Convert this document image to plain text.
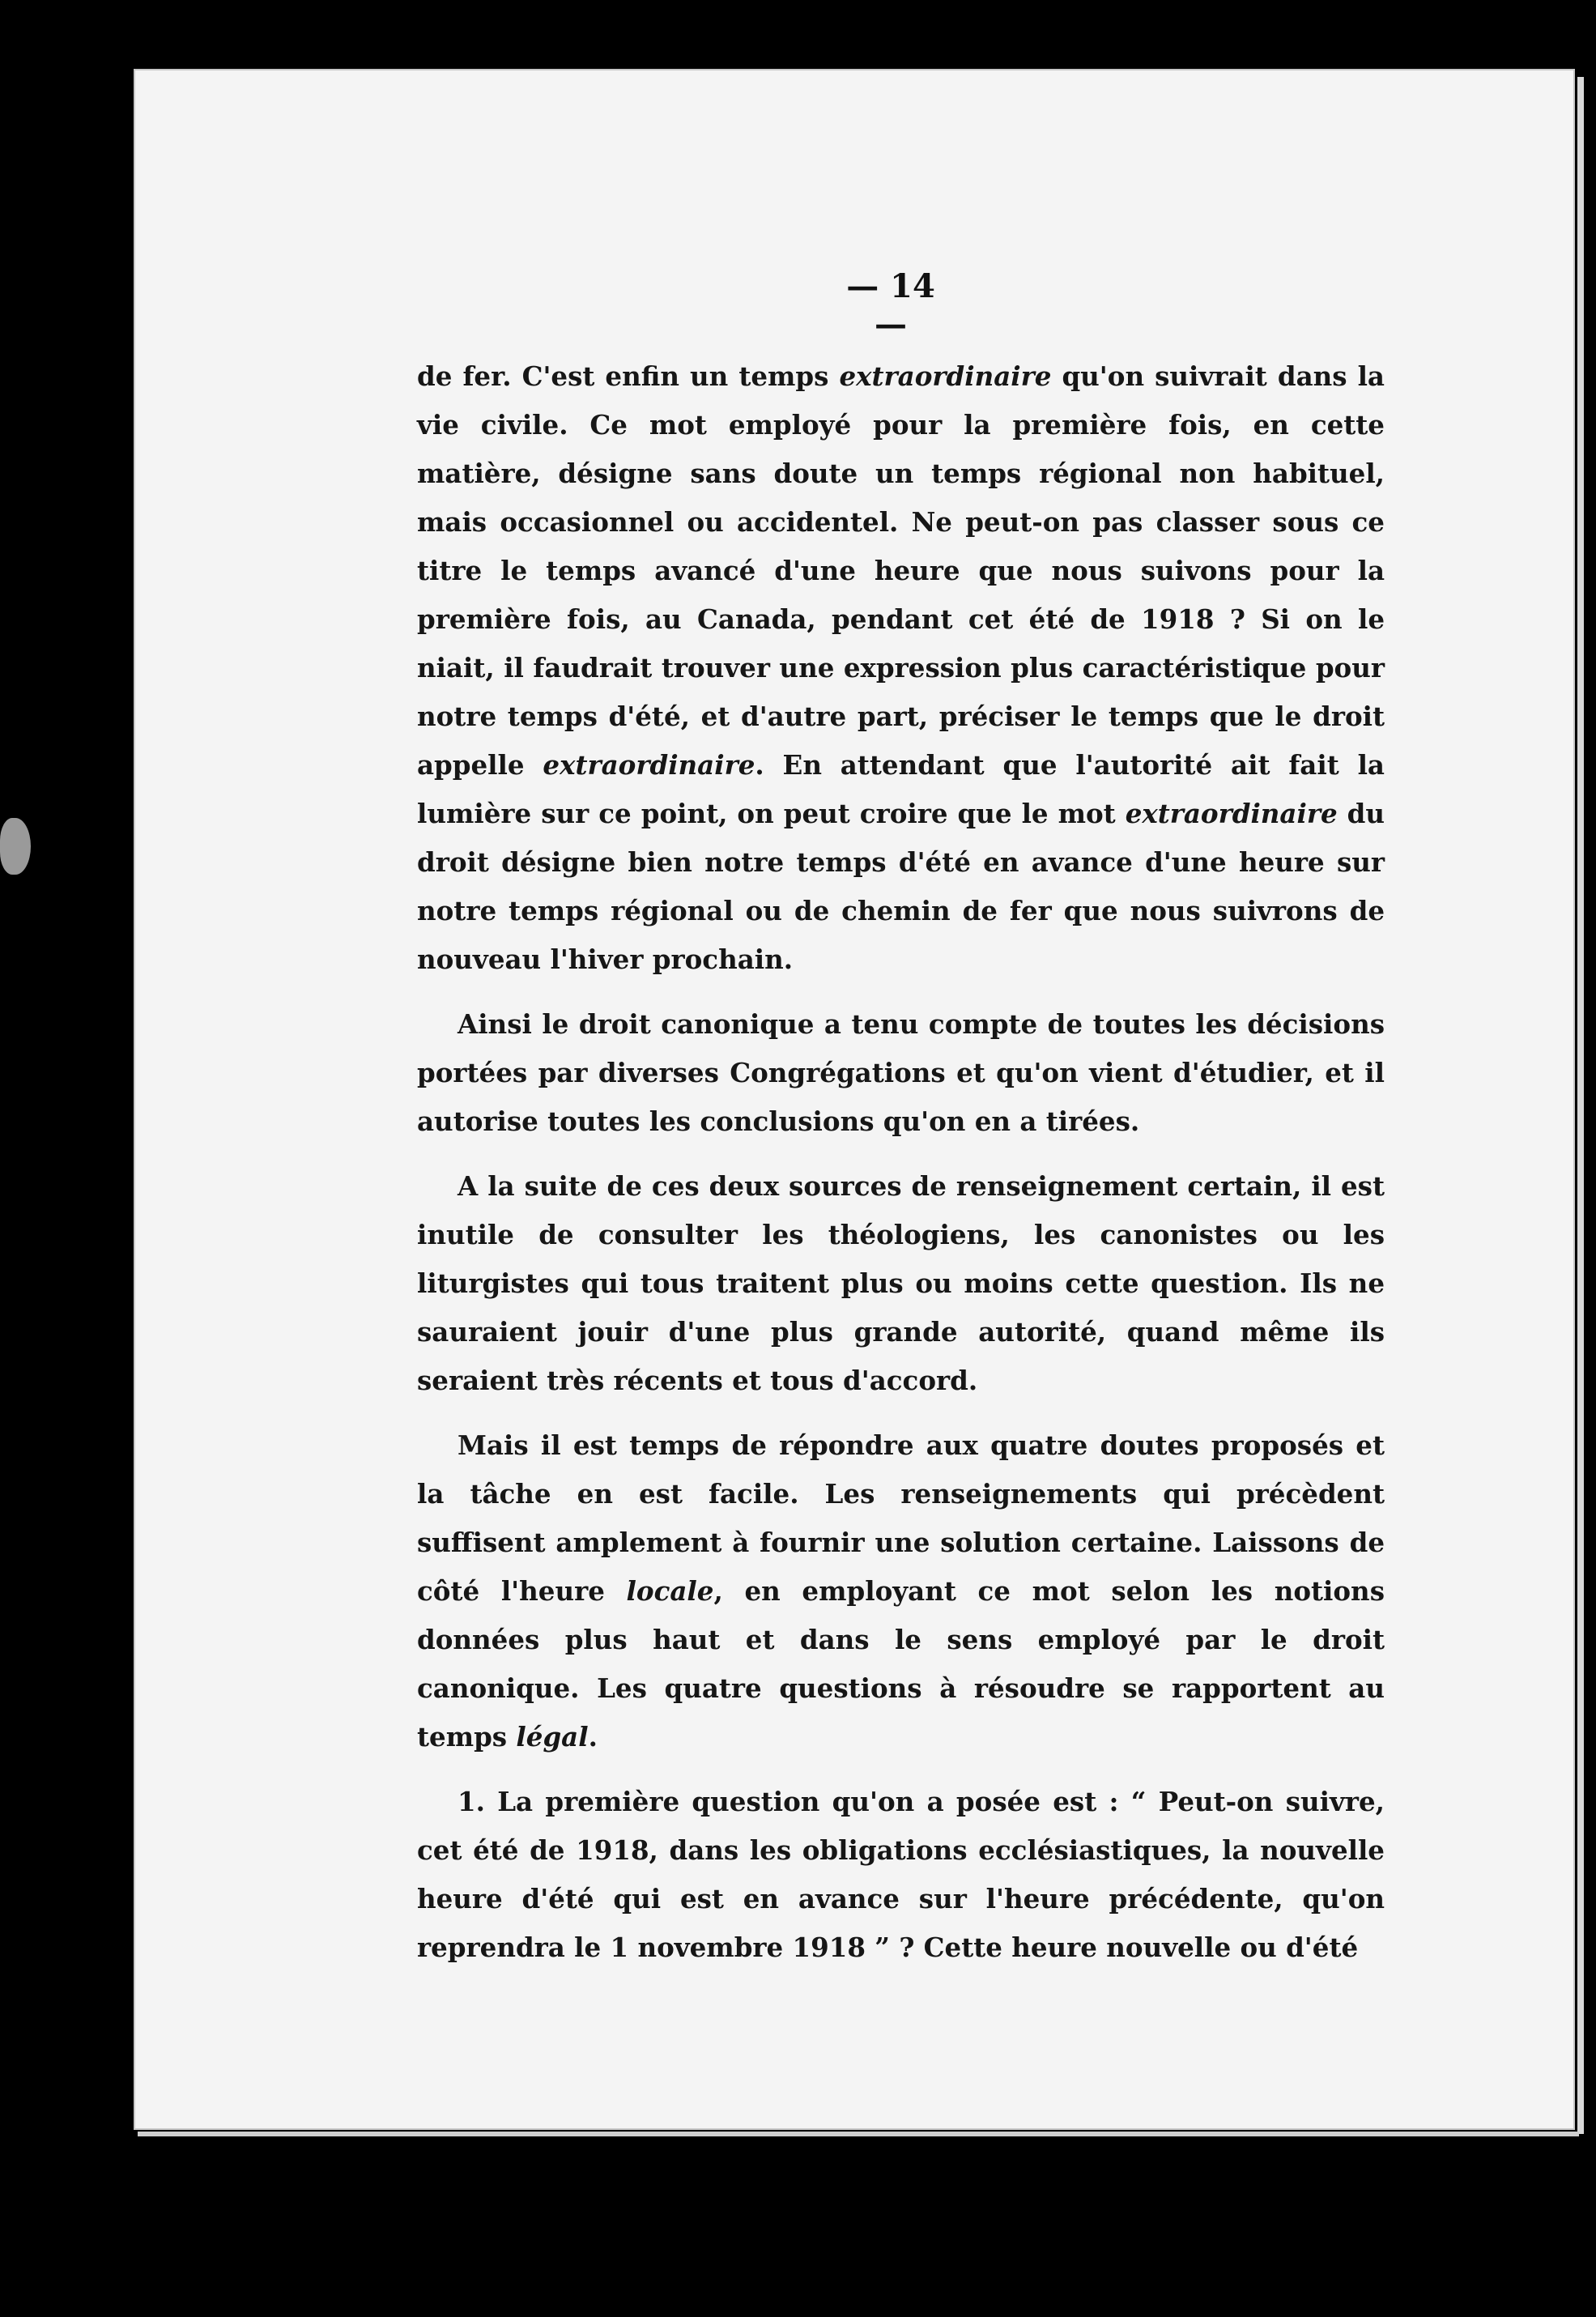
— 14 —

de fer. C'est enfin un temps extraordinaire qu'on suivrait dans la vie civile. Ce mot employé pour la première fois, en cette matière, désigne sans doute un temps régional non habituel, mais occasionnel ou accidentel. Ne peut-on pas classer sous ce titre le temps avancé d'une heure que nous suivons pour la première fois, au Canada, pendant cet été de 1918 ? Si on le niait, il faudrait trouver une expression plus caractéristique pour notre temps d'été, et d'autre part, préciser le temps que le droit appelle extraordinaire. En attendant que l'autorité ait fait la lumière sur ce point, on peut croire que le mot extraordinaire du droit désigne bien notre temps d'été en avance d'une heure sur notre temps régional ou de chemin de fer que nous suivrons de nouveau l'hiver prochain.

Ainsi le droit canonique a tenu compte de toutes les décisions portées par diverses Congrégations et qu'on vient d'étudier, et il autorise toutes les conclusions qu'on en a tirées.

A la suite de ces deux sources de renseignement certain, il est inutile de consulter les théologiens, les canonistes ou les liturgistes qui tous traitent plus ou moins cette question. Ils ne sauraient jouir d'une plus grande autorité, quand même ils seraient très récents et tous d'accord.

Mais il est temps de répondre aux quatre doutes proposés et la tâche en est facile. Les renseignements qui précèdent suffisent amplement à fournir une solution certaine. Laissons de côté l'heure locale, en employant ce mot selon les notions données plus haut et dans le sens employé par le droit canonique. Les quatre questions à résoudre se rapportent au temps légal.

1. La première question qu'on a posée est : “ Peut-on suivre, cet été de 1918, dans les obligations ecclésiastiques, la nouvelle heure d'été qui est en avance sur l'heure précédente, qu'on reprendra le 1 novembre 1918 ” ? Cette heure nouvelle ou d'été
